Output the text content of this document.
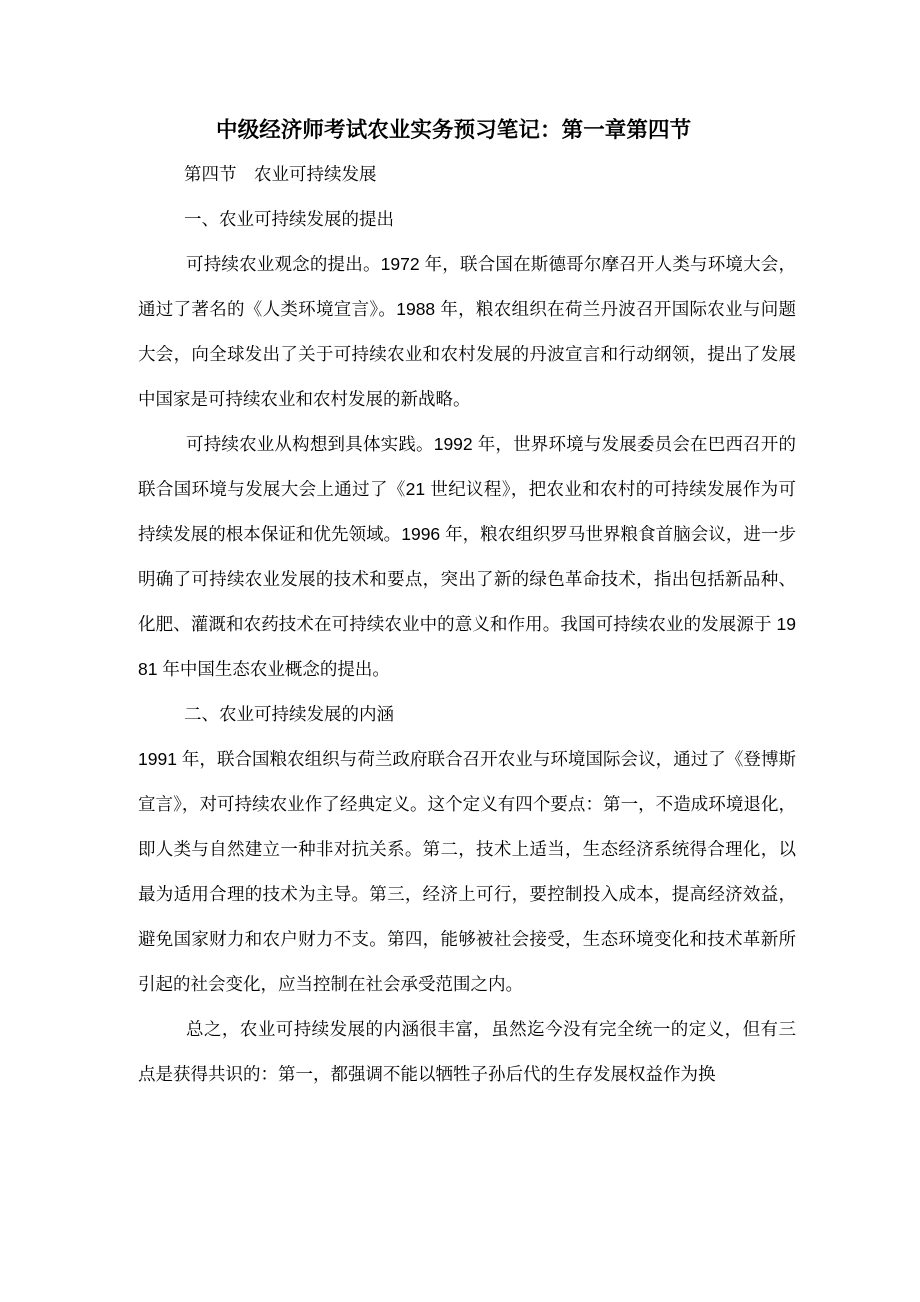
中级经济师考试农业实务预习笔记：第一章第四节
第四节　农业可持续发展
一、农业可持续发展的提出

可持续农业观念的提出。1972 年，联合国在斯德哥尔摩召开人类与环境大会，通过了著名的《人类环境宣言》。1988 年，粮农组织在荷兰丹波召开国际农业与问题大会，向全球发出了关于可持续农业和农村发展的丹波宣言和行动纲领，提出了发展中国家是可持续农业和农村发展的新战略。

可持续农业从构想到具体实践。1992 年，世界环境与发展委员会在巴西召开的联合国环境与发展大会上通过了《21 世纪议程》，把农业和农村的可持续发展作为可持续发展的根本保证和优先领域。1996 年，粮农组织罗马世界粮食首脑会议，进一步明确了可持续农业发展的技术和要点，突出了新的绿色革命技术，指出包括新品种、化肥、灌溉和农药技术在可持续农业中的意义和作用。我国可持续农业的发展源于 1981 年中国生态农业概念的提出。

二、农业可持续发展的内涵

1991 年，联合国粮农组织与荷兰政府联合召开农业与环境国际会议，通过了《登博斯宣言》，对可持续农业作了经典定义。这个定义有四个要点：第一，不造成环境退化，即人类与自然建立一种非对抗关系。第二，技术上适当，生态经济系统得合理化，以最为适用合理的技术为主导。第三，经济上可行，要控制投入成本，提高经济效益，避免国家财力和农户财力不支。第四，能够被社会接受，生态环境变化和技术革新所引起的社会变化，应当控制在社会承受范围之内。

总之，农业可持续发展的内涵很丰富，虽然迄今没有完全统一的定义，但有三点是获得共识的：第一，都强调不能以牺牲子孙后代的生存发展权益作为换
